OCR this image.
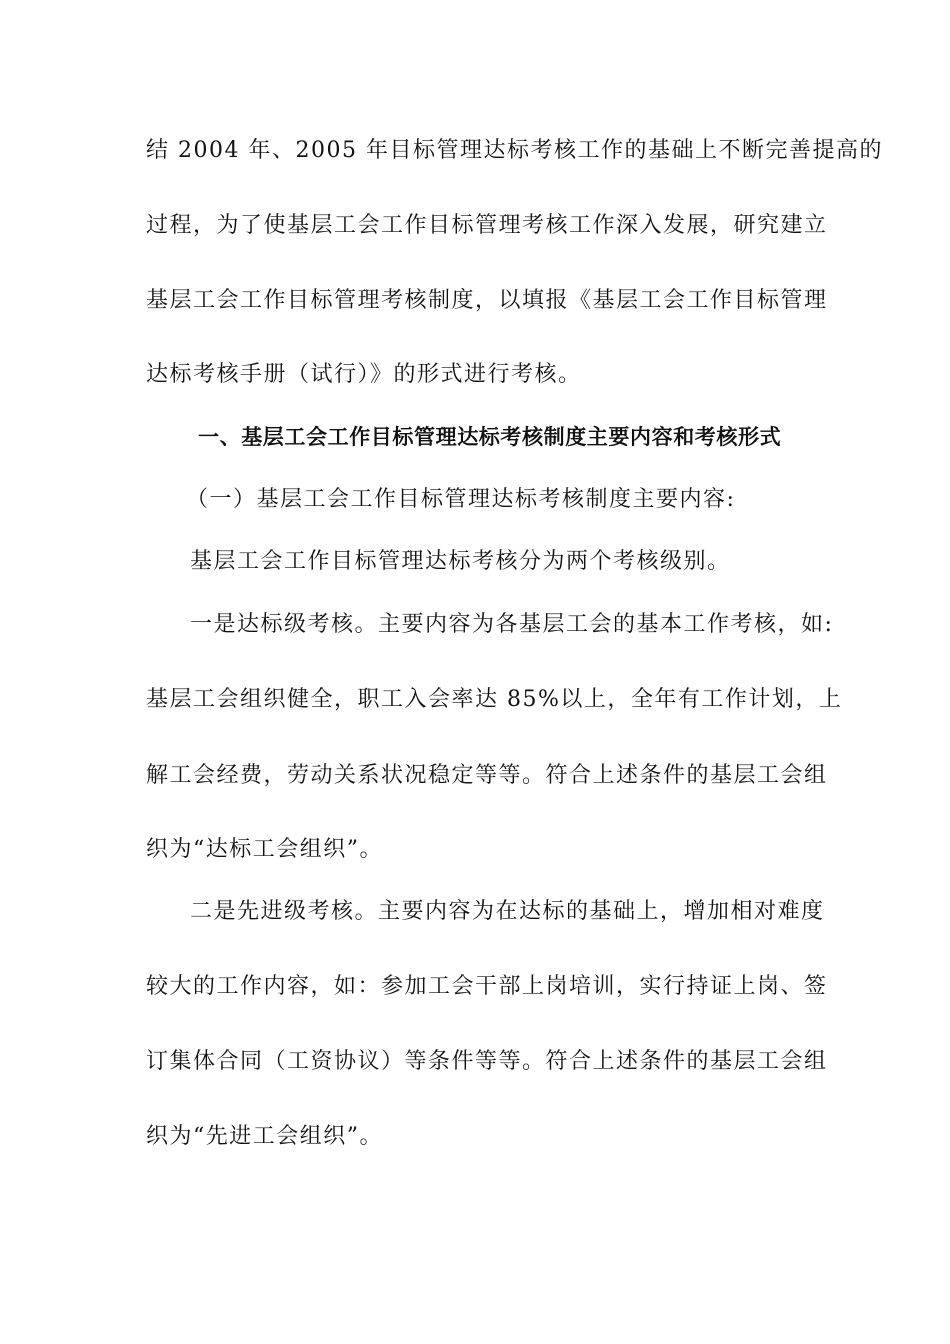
结 2004 年、2005 年目标管理达标考核工作的基础上不断完善提高的
过程，为了使基层工会工作目标管理考核工作深入发展，研究建立
基层工会工作目标管理考核制度，以填报《基层工会工作目标管理
达标考核手册（试行）》的形式进行考核。
一、基层工会工作目标管理达标考核制度主要内容和考核形式
（一）基层工会工作目标管理达标考核制度主要内容:
基层工会工作目标管理达标考核分为两个考核级别。
一是达标级考核。主要内容为各基层工会的基本工作考核，如:
基层工会组织健全，职工入会率达 85%以上，全年有工作计划，上
解工会经费，劳动关系状况稳定等等。符合上述条件的基层工会组
织为“达标工会组织”。
二是先进级考核。主要内容为在达标的基础上，增加相对难度
较大的工作内容，如：参加工会干部上岗培训，实行持证上岗、签
订集体合同（工资协议）等条件等等。符合上述条件的基层工会组
织为“先进工会组织”。
